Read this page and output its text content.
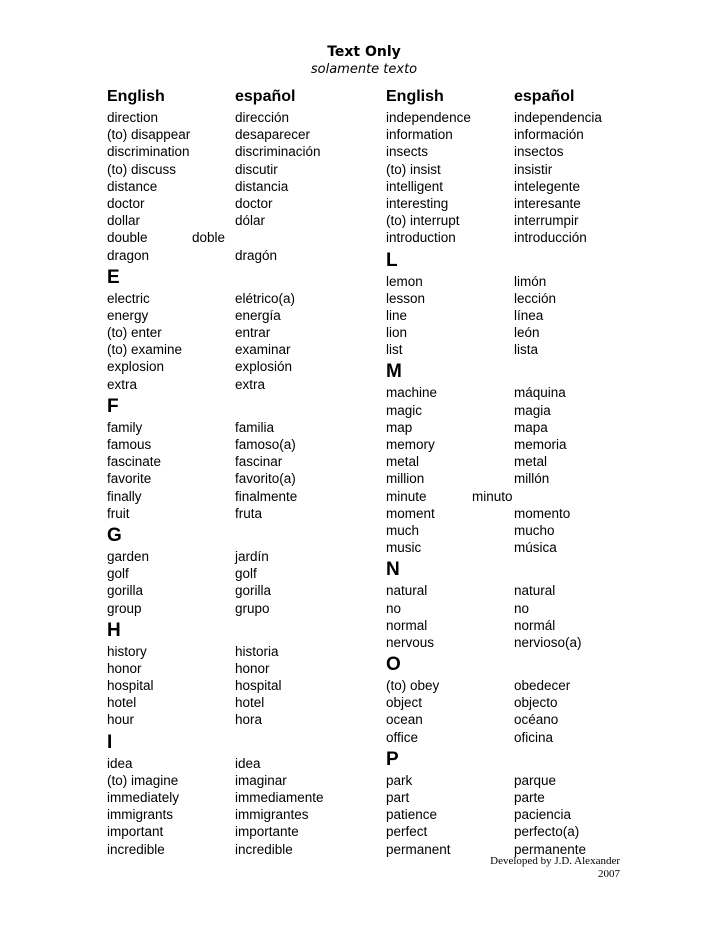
Text Only
solamente texto
English	español
direction	dirección
(to) disappear	desaparecer
discrimination	discriminación
(to) discuss	discutir
distance	distancia
doctor	doctor
dollar	dólar
double	doble
dragon	dragón
E
electric	elétrico(a)
energy	energía
(to) enter	entrar
(to) examine	examinar
explosion	explosión
extra	extra
F
family	familia
famous	famoso(a)
fascinate	fascinar
favorite	favorito(a)
finally	finalmente
fruit	fruta
G
garden	jardín
golf	golf
gorilla	gorilla
group	grupo
H
history	historia
honor	honor
hospital	hospital
hotel	hotel
hour	hora
I
idea	idea
(to) imagine	imaginar
immediately	immediamente
immigrants	immigrantes
important	importante
incredible	incredible
English	español
independence	independencia
information	información
insects	insectos
(to) insist	insistir
intelligent	intelegente
interesting	interesante
(to) interrupt	interrumpir
introduction	introducción
L
lemon	limón
lesson	lección
line	línea
lion	león
list	lista
M
machine	máquina
magic	magia
map	mapa
memory	memoria
metal	metal
million	millón
minute	minuto
moment	momento
much	mucho
music	música
N
natural	natural
no	no
normal	normál
nervous	nervioso(a)
O
(to) obey	obedecer
object	objecto
ocean	océano
office	oficina
P
park	parque
part	parte
patience	paciencia
perfect	perfecto(a)
permanent	permanente
Developed by J.D. Alexander
2007
